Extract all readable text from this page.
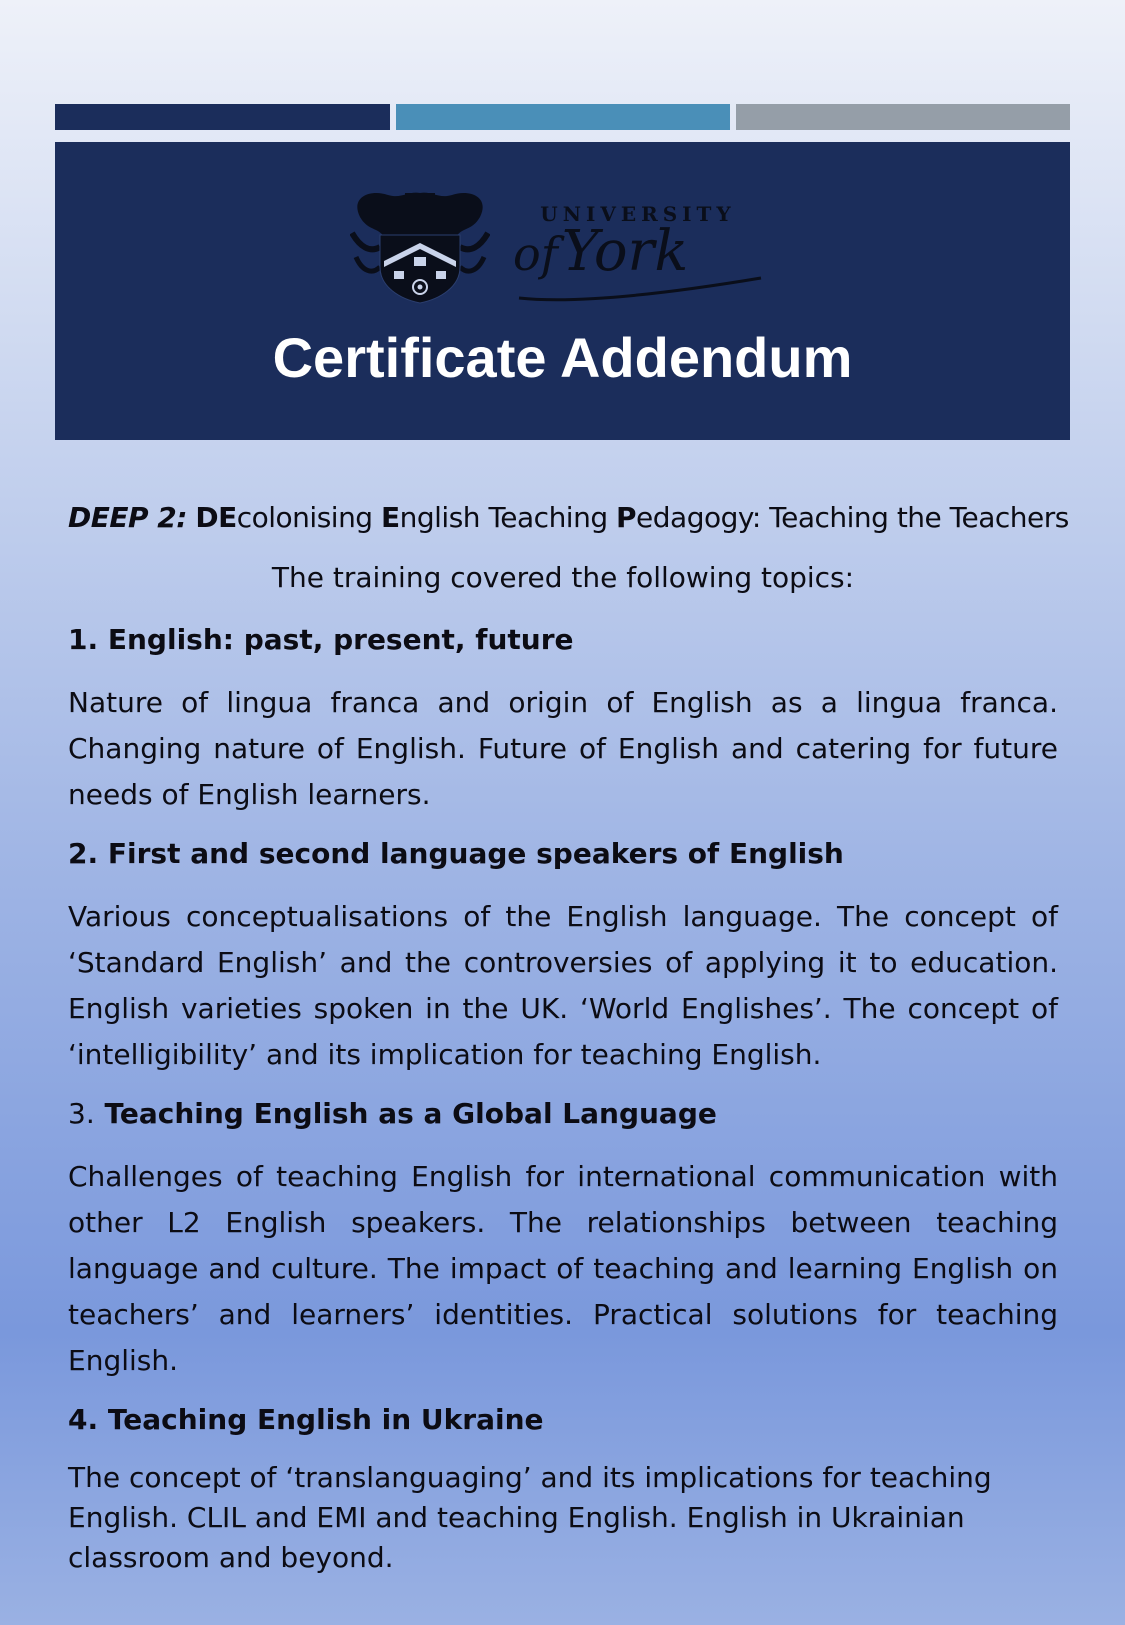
UNIVERSITY
ofYork
Certificate Addendum

DEEP 2: DEcolonising English Teaching Pedagogy: Teaching the Teachers

The training covered the following topics:

1. English: past, present, future

Nature of lingua franca and origin of English as a lingua franca. Changing nature of English. Future of English and catering for future needs of English learners.

2. First and second language speakers of English

Various conceptualisations of the English language. The concept of ‘Standard English’ and the controversies of applying it to education. English varieties spoken in the UK. ‘World Englishes’. The concept of ‘intelligibility’ and its implication for teaching English.

3. Teaching English as a Global Language

Challenges of teaching English for international communication with other L2 English speakers. The relationships between teaching language and culture. The impact of teaching and learning English on teachers’ and learners’ identities. Practical solutions for teaching English.

4. Teaching English in Ukraine

The concept of ‘translanguaging’ and its implications for teaching English. CLIL and EMI and teaching English. English in Ukrainian classroom and beyond.
